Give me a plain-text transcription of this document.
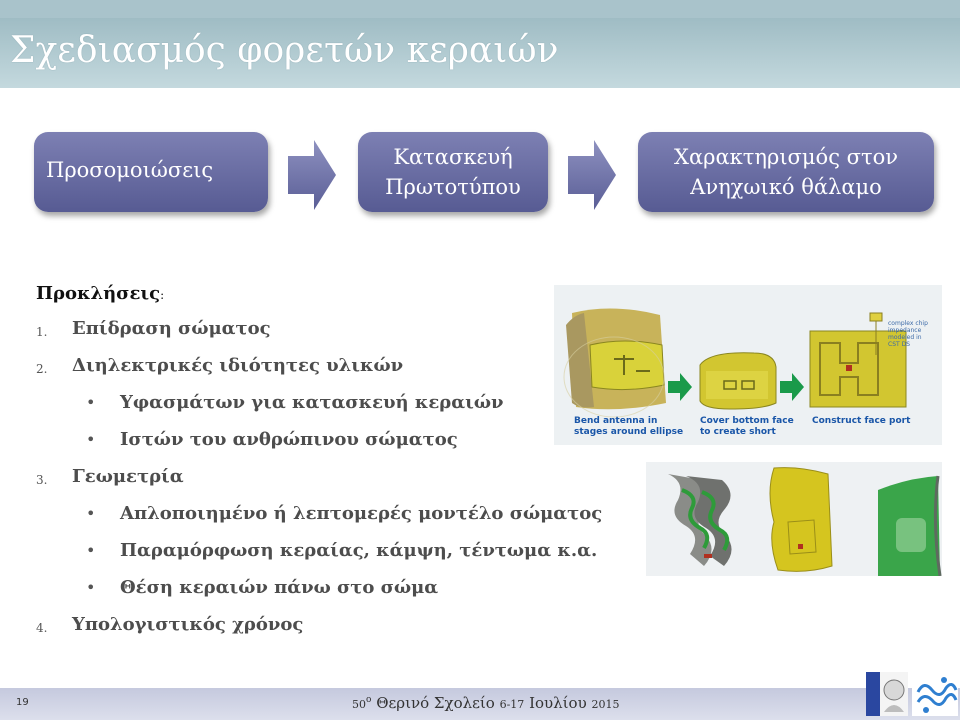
Σχεδιασμός φορετών κεραιών
Προσομοιώσεις
Κατασκευή
Πρωτοτύπου
Χαρακτηρισμός στον
Ανηχωικό θάλαμο
Προκλήσεις:
1. Επίδραση σώματος
2. Διηλεκτρικές ιδιότητες υλικών
• Υφασμάτων για κατασκευή κεραιών
• Ιστών του ανθρώπινου σώματος
3. Γεωμετρία
• Απλοποιημένο ή λεπτομερές μοντέλο σώματος
• Παραμόρφωση κεραίας, κάμψη, τέντωμα κ.α.
• Θέση κεραιών πάνω στο σώμα
4. Υπολογιστικός χρόνος
complex chip
impedance
modeled in
CST DS
Bend antenna in
stages around ellipse
Cover bottom face
to create short
Construct face port
19	$50^o$ Θερινό Σχολείο 6-17 Ιουλίου 2015
